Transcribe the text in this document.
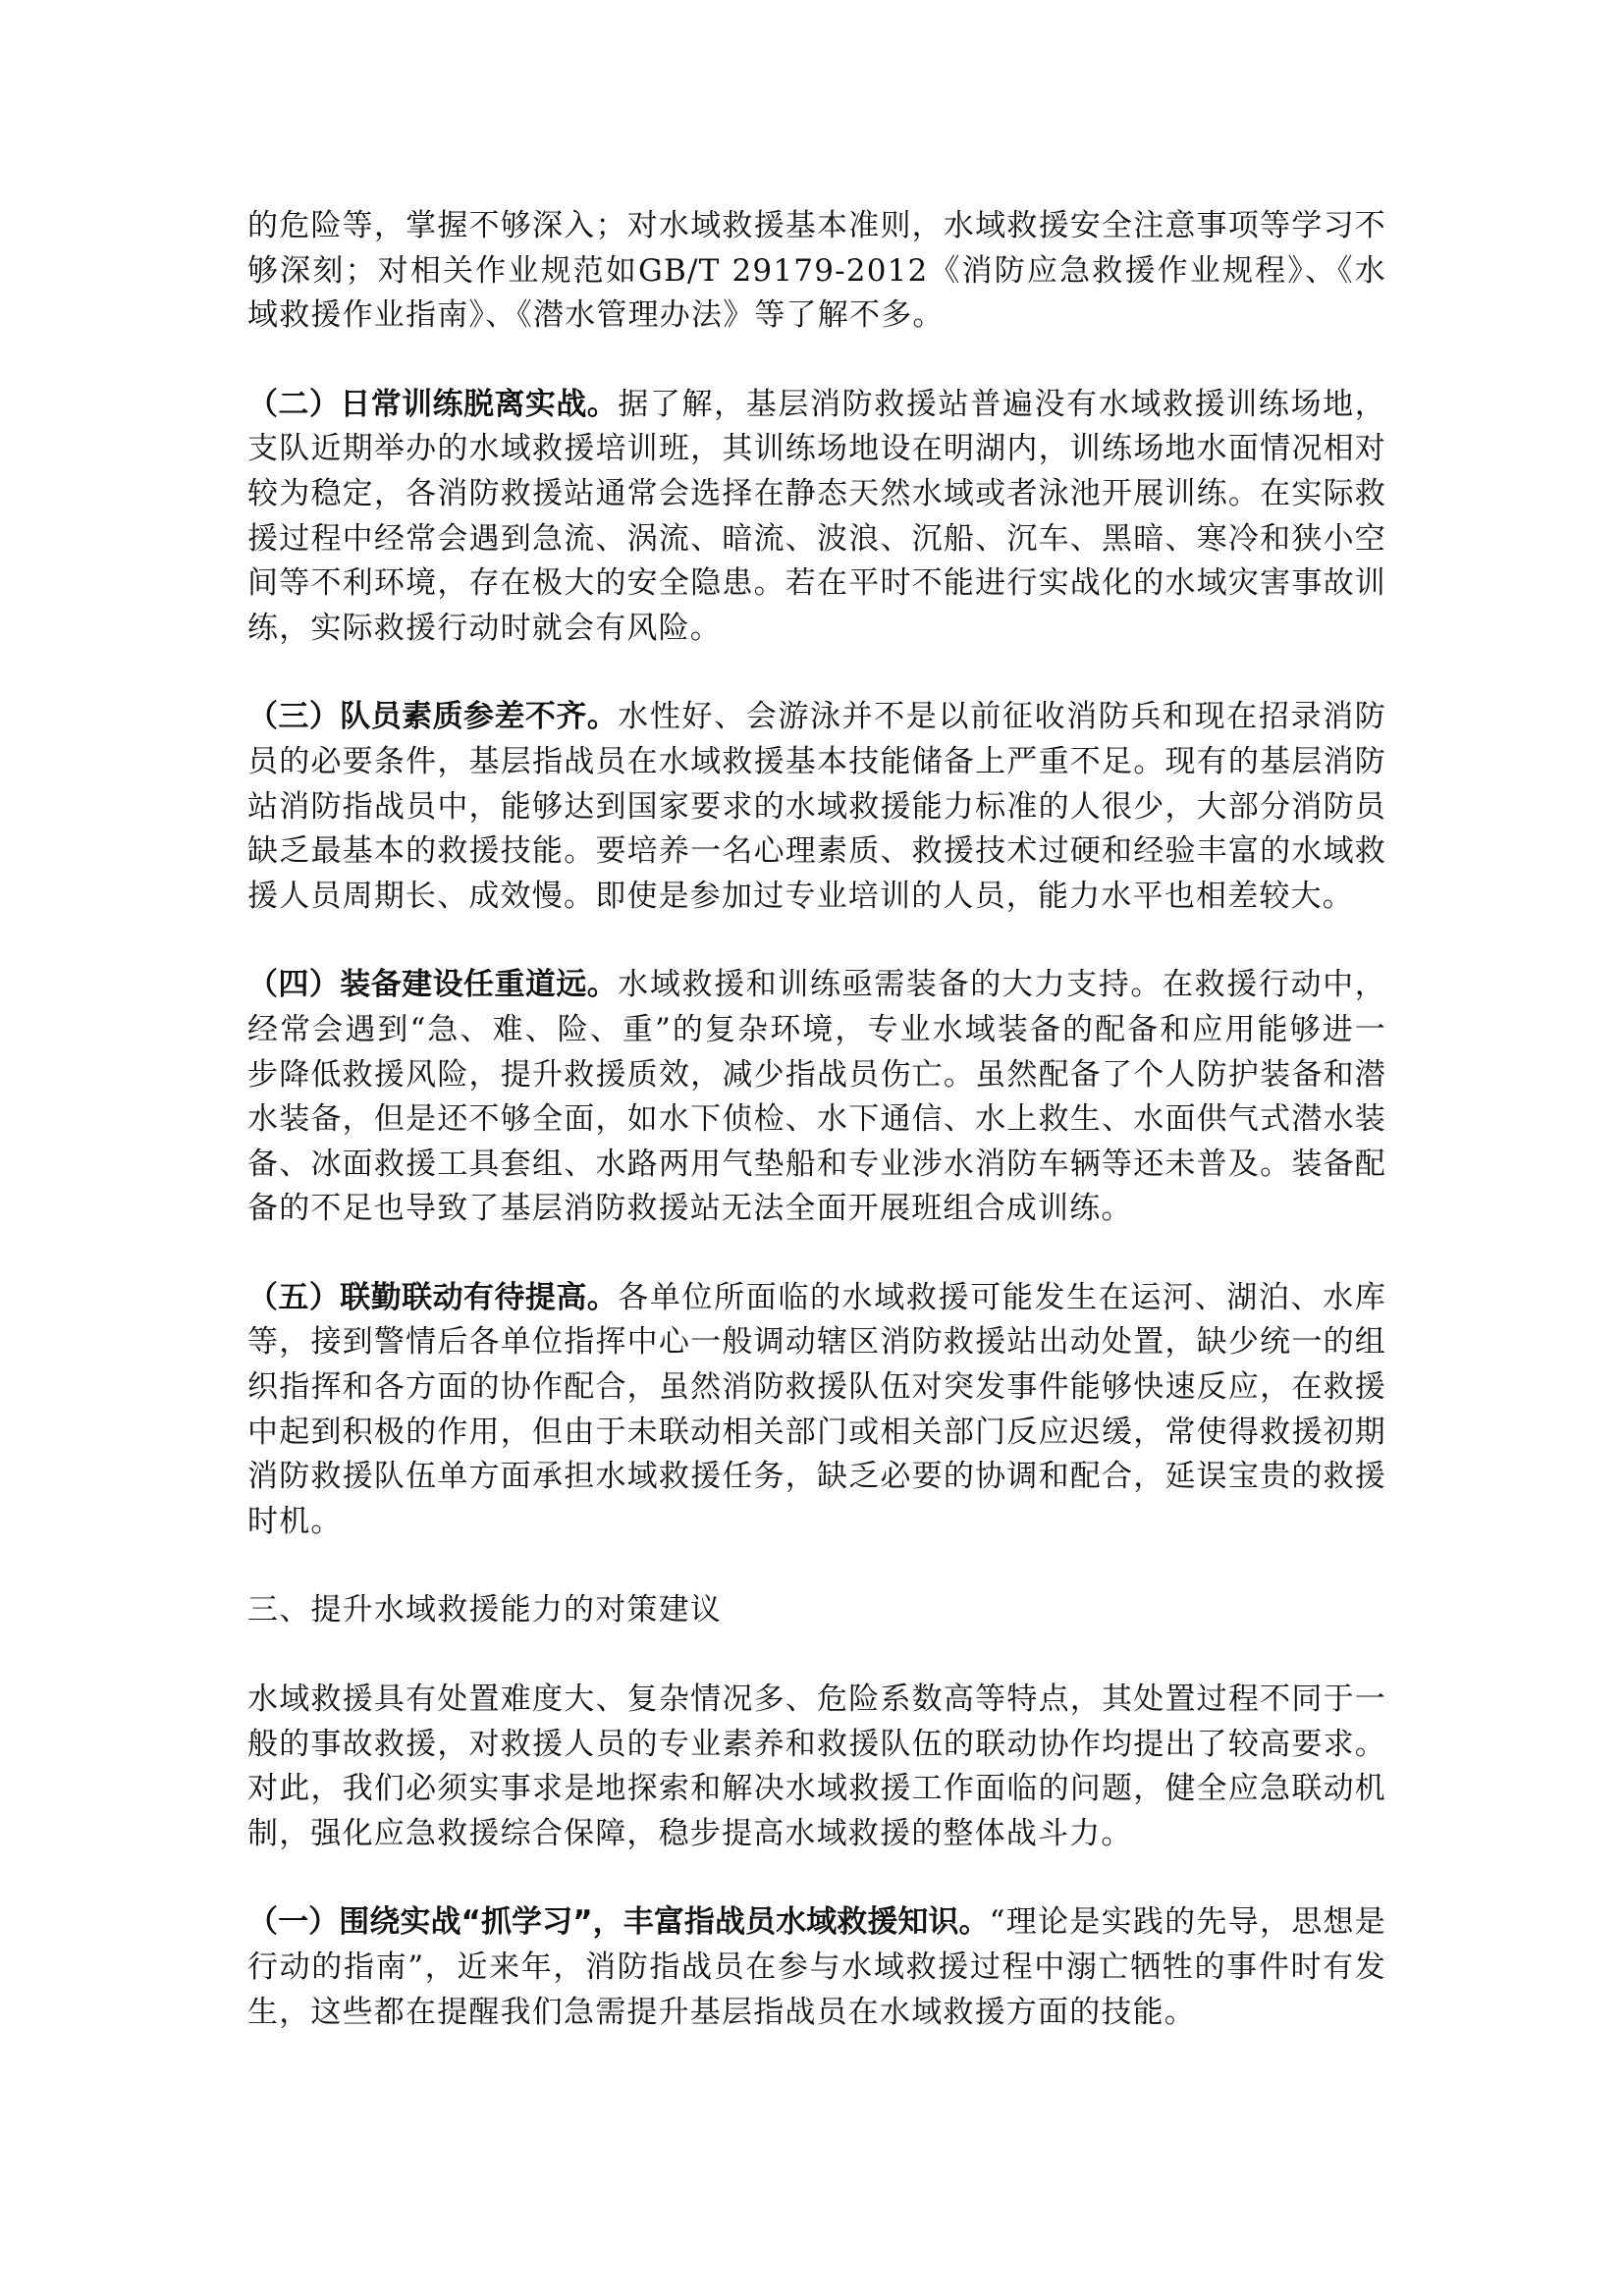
的危险等，掌握不够深入；对水域救援基本准则，水域救援安全注意事项等学习不够深刻；对相关作业规范如GB/T 29179-2012《消防应急救援作业规程》、《水域救援作业指南》、《潜水管理办法》等了解不多。

（二）日常训练脱离实战。据了解，基层消防救援站普遍没有水域救援训练场地，支队近期举办的水域救援培训班，其训练场地设在明湖内，训练场地水面情况相对较为稳定，各消防救援站通常会选择在静态天然水域或者泳池开展训练。在实际救援过程中经常会遇到急流、涡流、暗流、波浪、沉船、沉车、黑暗、寒冷和狭小空间等不利环境，存在极大的安全隐患。若在平时不能进行实战化的水域灾害事故训练，实际救援行动时就会有风险。

（三）队员素质参差不齐。水性好、会游泳并不是以前征收消防兵和现在招录消防员的必要条件，基层指战员在水域救援基本技能储备上严重不足。现有的基层消防站消防指战员中，能够达到国家要求的水域救援能力标准的人很少，大部分消防员缺乏最基本的救援技能。要培养一名心理素质、救援技术过硬和经验丰富的水域救援人员周期长、成效慢。即使是参加过专业培训的人员，能力水平也相差较大。

（四）装备建设任重道远。水域救援和训练亟需装备的大力支持。在救援行动中，经常会遇到“急、难、险、重”的复杂环境，专业水域装备的配备和应用能够进一步降低救援风险，提升救援质效，减少指战员伤亡。虽然配备了个人防护装备和潜水装备，但是还不够全面，如水下侦检、水下通信、水上救生、水面供气式潜水装备、冰面救援工具套组、水路两用气垫船和专业涉水消防车辆等还未普及。装备配备的不足也导致了基层消防救援站无法全面开展班组合成训练。

（五）联勤联动有待提高。各单位所面临的水域救援可能发生在运河、湖泊、水库等，接到警情后各单位指挥中心一般调动辖区消防救援站出动处置，缺少统一的组织指挥和各方面的协作配合，虽然消防救援队伍对突发事件能够快速反应，在救援中起到积极的作用，但由于未联动相关部门或相关部门反应迟缓，常使得救援初期消防救援队伍单方面承担水域救援任务，缺乏必要的协调和配合，延误宝贵的救援时机。

三、提升水域救援能力的对策建议

水域救援具有处置难度大、复杂情况多、危险系数高等特点，其处置过程不同于一般的事故救援，对救援人员的专业素养和救援队伍的联动协作均提出了较高要求。对此，我们必须实事求是地探索和解决水域救援工作面临的问题，健全应急联动机制，强化应急救援综合保障，稳步提高水域救援的整体战斗力。

（一）围绕实战“抓学习”，丰富指战员水域救援知识。“理论是实践的先导，思想是行动的指南”，近来年，消防指战员在参与水域救援过程中溺亡牺牲的事件时有发生，这些都在提醒我们急需提升基层指战员在水域救援方面的技能。
